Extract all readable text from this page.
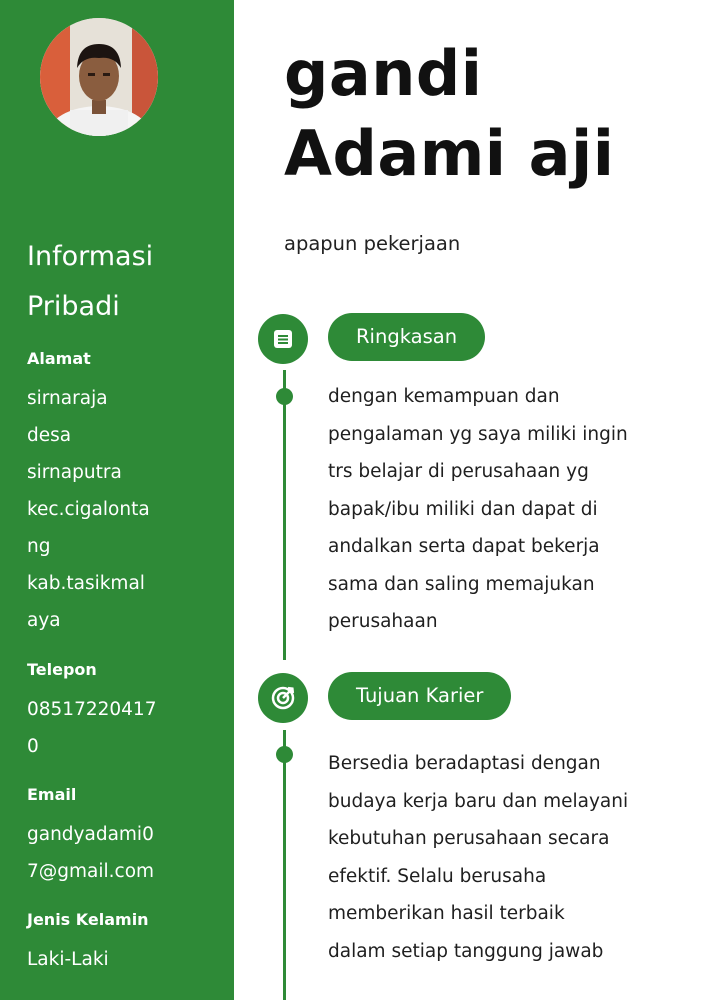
Informasi
Pribadi
Alamat
sirnaraja
desa
sirnaputra
kec.cigalonta
ng
kab.tasikmal
aya
Telepon
08517220417
0
Email
gandyadami0
7@gmail.com
Jenis Kelamin
Laki-Laki
gandi
Adami aji
apapun pekerjaan
Ringkasan
dengan kemampuan dan
pengalaman yg saya miliki ingin
trs belajar di perusahaan yg
bapak/ibu miliki dan dapat di
andalkan serta dapat bekerja
sama dan saling memajukan
perusahaan
Tujuan Karier
Bersedia beradaptasi dengan
budaya kerja baru dan melayani
kebutuhan perusahaan secara
efektif. Selalu berusaha
memberikan hasil terbaik
dalam setiap tanggung jawab
